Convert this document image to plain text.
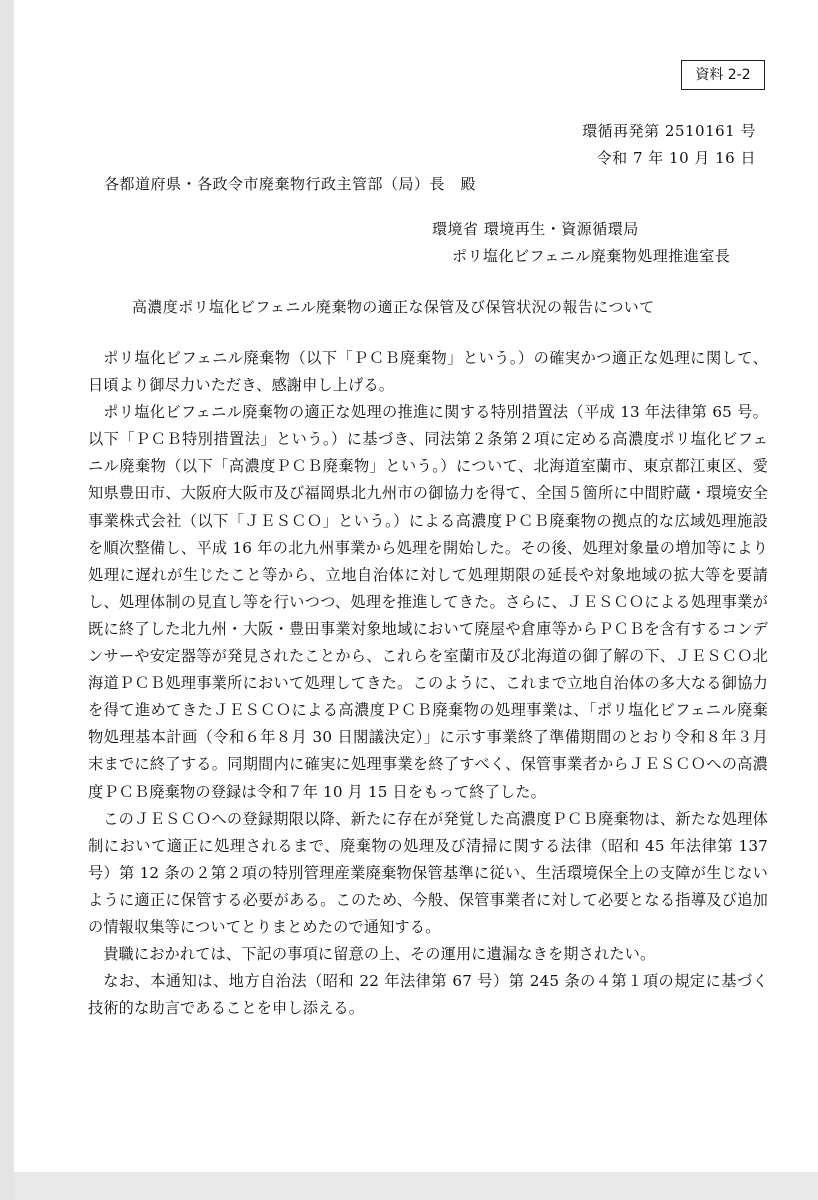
資料 2-2
環循再発第 2510161 号
令和 7 年 10 月 16 日
各都道府県・各政令市廃棄物行政主管部（局）長　殿
環境省 環境再生・資源循環局
ポリ塩化ビフェニル廃棄物処理推進室長
高濃度ポリ塩化ビフェニル廃棄物の適正な保管及び保管状況の報告について

ポリ塩化ビフェニル廃棄物（以下「ＰＣＢ廃棄物」という。）の確実かつ適正な処理に関して、日頃より御尽力いただき、感謝申し上げる。

ポリ塩化ビフェニル廃棄物の適正な処理の推進に関する特別措置法（平成 13 年法律第 65 号。以下「ＰＣＢ特別措置法」という。）に基づき、同法第２条第２項に定める高濃度ポリ塩化ビフェニル廃棄物（以下「高濃度ＰＣＢ廃棄物」という。）について、北海道室蘭市、東京都江東区、愛知県豊田市、大阪府大阪市及び福岡県北九州市の御協力を得て、全国５箇所に中間貯蔵・環境安全事業株式会社（以下「ＪＥＳＣＯ」という。）による高濃度ＰＣＢ廃棄物の拠点的な広域処理施設を順次整備し、平成 16 年の北九州事業から処理を開始した。その後、処理対象量の増加等により処理に遅れが生じたこと等から、立地自治体に対して処理期限の延長や対象地域の拡大等を要請し、処理体制の見直し等を行いつつ、処理を推進してきた。さらに、ＪＥＳＣＯによる処理事業が既に終了した北九州・大阪・豊田事業対象地域において廃屋や倉庫等からＰＣＢを含有するコンデンサーや安定器等が発見されたことから、これらを室蘭市及び北海道の御了解の下、ＪＥＳＣＯ北海道ＰＣＢ処理事業所において処理してきた。このように、これまで立地自治体の多大なる御協力を得て進めてきたＪＥＳＣＯによる高濃度ＰＣＢ廃棄物の処理事業は、「ポリ塩化ビフェニル廃棄物処理基本計画（令和６年８月 30 日閣議決定）」に示す事業終了準備期間のとおり令和８年３月末までに終了する。同期間内に確実に処理事業を終了すべく、保管事業者からＪＥＳＣＯへの高濃度ＰＣＢ廃棄物の登録は令和７年 10 月 15 日をもって終了した。

このＪＥＳＣＯへの登録期限以降、新たに存在が発覚した高濃度ＰＣＢ廃棄物は、新たな処理体制において適正に処理されるまで、廃棄物の処理及び清掃に関する法律（昭和 45 年法律第 137 号）第 12 条の２第２項の特別管理産業廃棄物保管基準に従い、生活環境保全上の支障が生じないように適正に保管する必要がある。このため、今般、保管事業者に対して必要となる指導及び追加の情報収集等についてとりまとめたので通知する。

貴職におかれては、下記の事項に留意の上、その運用に遺漏なきを期されたい。

なお、本通知は、地方自治法（昭和 22 年法律第 67 号）第 245 条の４第１項の規定に基づく技術的な助言であることを申し添える。
